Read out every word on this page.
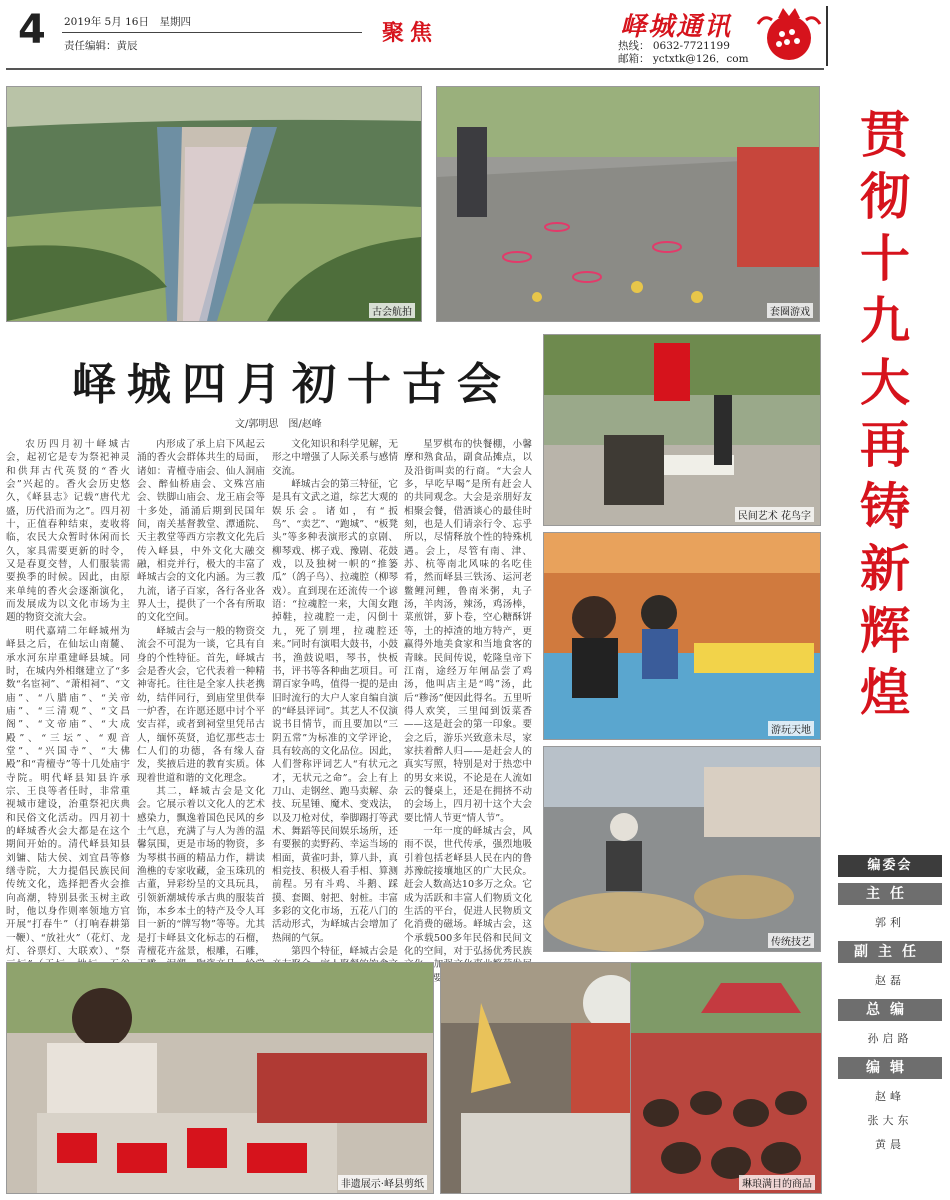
4 2019年 5月 16日　星期四
责任编辑：黄辰	聚焦	峄城通讯
热线： 0632-7721199
邮箱： yctxtk@126．com
古会航拍	套圈游戏
峄城四月初十古会
文/郭明思　图/赵峰

农历四月初十峄城古会，起初它是专为祭祀神灵和供拜古代英贤的“香火会”兴起的。香火会历史悠久，《峄县志》记载“唐代尤盛，历代沿而为之”。四月初十，正值春种结束，麦收将临，农民大众暂时休闲而长久，家具需要更新的时令，又是春夏交替，人们服装需要换季的时候。因此，由原来单纯的香火会逐渐演化，而发展成为以文化市场为主题的物资交流大会。

明代嘉靖二年峄城州为峄县之后，在仙坛山南麓、承水河东岸重建峄县城。同时，在城内外相继建立了“多数“名宦祠”、“萧相祠”、“文庙”、“八腊庙”、“关帝庙”、“三清观”、“文昌阁”、“文帝庙”、“大成殿”、“三坛”、“观音堂”、“兴国寺”、“大佛殿”和“青檀寺”等十几处庙宇寺院。明代峄县知县许承宗、王良等者任时，非常重视城市建设，治重祭祀庆典和民俗文化活动。四月初十的峄城香火会大都是在这个期间开始的。清代峄县知县刘镛、陆大侯、刘宜昌等修缮寺院，大力提倡民族民间传统文化，选择把香火会推向高潮，特别县张玉树主政时，他以身作则率领地方官开展“打春牛”（打响春耕第一鞭）、“放社火”（花灯、龙灯、谷票灯、大联欢）、“祭

内形成了承上启下风起云涌的香火会群体共生的局面，诸如：青檀寺庙会、仙人洞庙会、醉仙桥庙会、文殊宫庙会、铁脚山庙会、龙王庙会等十多处，涌涌后期到民国年间，南关基督教堂、潭通院、天主教堂等西方宗教文化先后传入峄县，中外文化大融交融，相竞并行，极大的丰富了峄城古会的文化内涵。为三教九流，诸子百家，各行各业各界人士，提供了一个各有所取的文化空间。

峄城古会与一般的物资交流会不可混为一谈，它具有自身的个性特征。首先，峄城古会是香火会，它代表着一种精神寄托。往往是全家人扶老携幼，结伴同行，到庙堂里供奉一炉香，在许愿还愿中讨个平安吉祥，或者到祠堂里凭吊古人，缅怀英贤，追忆那些志士仁人们的功德，各有缘人奋发，奖掖后进的教育实质。体现着世道和谐的文化理念。

其二，峄城古会是文化会。它展示着以文化人的艺术感染力，飘逸着国色民风的乡土气息，充满了与人为善的温馨氛围，更是市场的物资，多为琴棋书画的精品力作，耕读渔樵的专家收藏，金玉珠玑的古董，异彩纷呈的文具玩具，引领新潮城传承古典的服装首饰，本乡本土的特产及令人耳目一新的“牌写物”等等。尤其是打卡峄县文化标志的石榴，青檀花卉盆景，根雕，石雕，

文化知识和科学见解，无形之中增强了人际关系与感情交流。

峄城古会的第三特征，它是具有文武之道，综艺大观的娱乐会。诸如，有“扳鸟”、“卖艺”、“跑城”、“板凳头”等多种表演形式的京剧、柳琴戏、梆子戏、豫剧、花鼓戏，以及独树一帜的“推篓瓜”（鸽子鸟）、拉魂腔（柳琴戏）。直到现在还流传一个谚语：“拉魂腔一来，大闺女跑掉鞋，拉魂腔一走，闪倒十九，死了别埋，拉魂腔还来。”同时有演唱大鼓书，小鼓书，渔鼓说唱，琴书，快板书，评书等各种曲艺项目。可谓百家争鸣，值得一提的是由旧时流行的大户人家自编自演的“峄县评词”。其艺人不仅演说书目情节，而且要加以“三阴五常”为标准的文学评论，具有较高的文化品位。因此，人们誉称评词艺人“有状元之才，无状元之命”。会上有上刀山、走钢丝、跑马卖解、杂技、玩星锤、魔术、变戏法，以及刀枪对仗，拳脚踢打等武术、舞蹈等民间娱乐场所，还有要猴的卖野药、幸运当场的相面，黄雀叼卦，算八卦，真相竞技、积极人看手相、算测前程。另有斗鸡、斗鹅、踩摸、套圈、射把、射桩。丰富多彩的文化市场，五花八门的活动形式，为峄城古会增加了热闹的气氛。

第四个特征，峄城古会是

星罗棋布的快餐棚，小馨摩和熟食品，副食品摊点，以及沿街叫卖的行商。“大会人多，早吃早喝”是所有赶会人的共同观念。大会是亲朋好友相聚会餐，借酒谈心的最佳时刻，也是人们请亲行令、忘乎所以，尽情释放个性的特殊机遇。会上，尽管有南、津、苏、杭等南北风味的名吃佳肴，然而峄县三铁汤、运河老鳖鲤河鲤，鲁南米粥，丸子汤，羊肉汤，辣汤，鸡汤棒，菜煎饼，萝卜卷，空心糖酥饼等，土的掉渣的地方特产，更赢得外地美食家和当地食客的青睐。民间传说，乾隆皇帝下江南，途经万年闸品尝了鸡汤，他叫店主是“鸣”汤，此后“糁汤”便因此得名。五里听得人欢笑，三里闻到饭菜香——这是赶会的第一印象。要会之后，游乐兴致意未尽，家家扶着醉人归——是赶会人的真实写照，特别是对于热恋中的男女来说，不论是在人流如云的餐桌上，还是在拥挤不动的会场上，四月初十这个大会要比情人节更“情人节”。

一年一度的峄城古会，风雨不误，世代传承，强烈地吸引着包括老峄县人民在内的鲁苏豫皖接壤地区的广大民众。赶会人数高达10多万之众。它成为活跃和丰富人们物质文化生活的平台，促进人民物质文化消费的磁场。峄城古会，这个承载500多年民俗和民间文化的空间，对于弘扬优秀民族 加 重要的

民间艺术 花鸟字
游玩天地
传统技艺
非遗展示·峄县剪纸	琳琅满目的商品
贯
彻
十
九
大
再
铸
新
辉
煌
编委会
主任
郭利
副主任
赵磊
总编
孙启路
编辑
赵峰
张大东
黄晨
